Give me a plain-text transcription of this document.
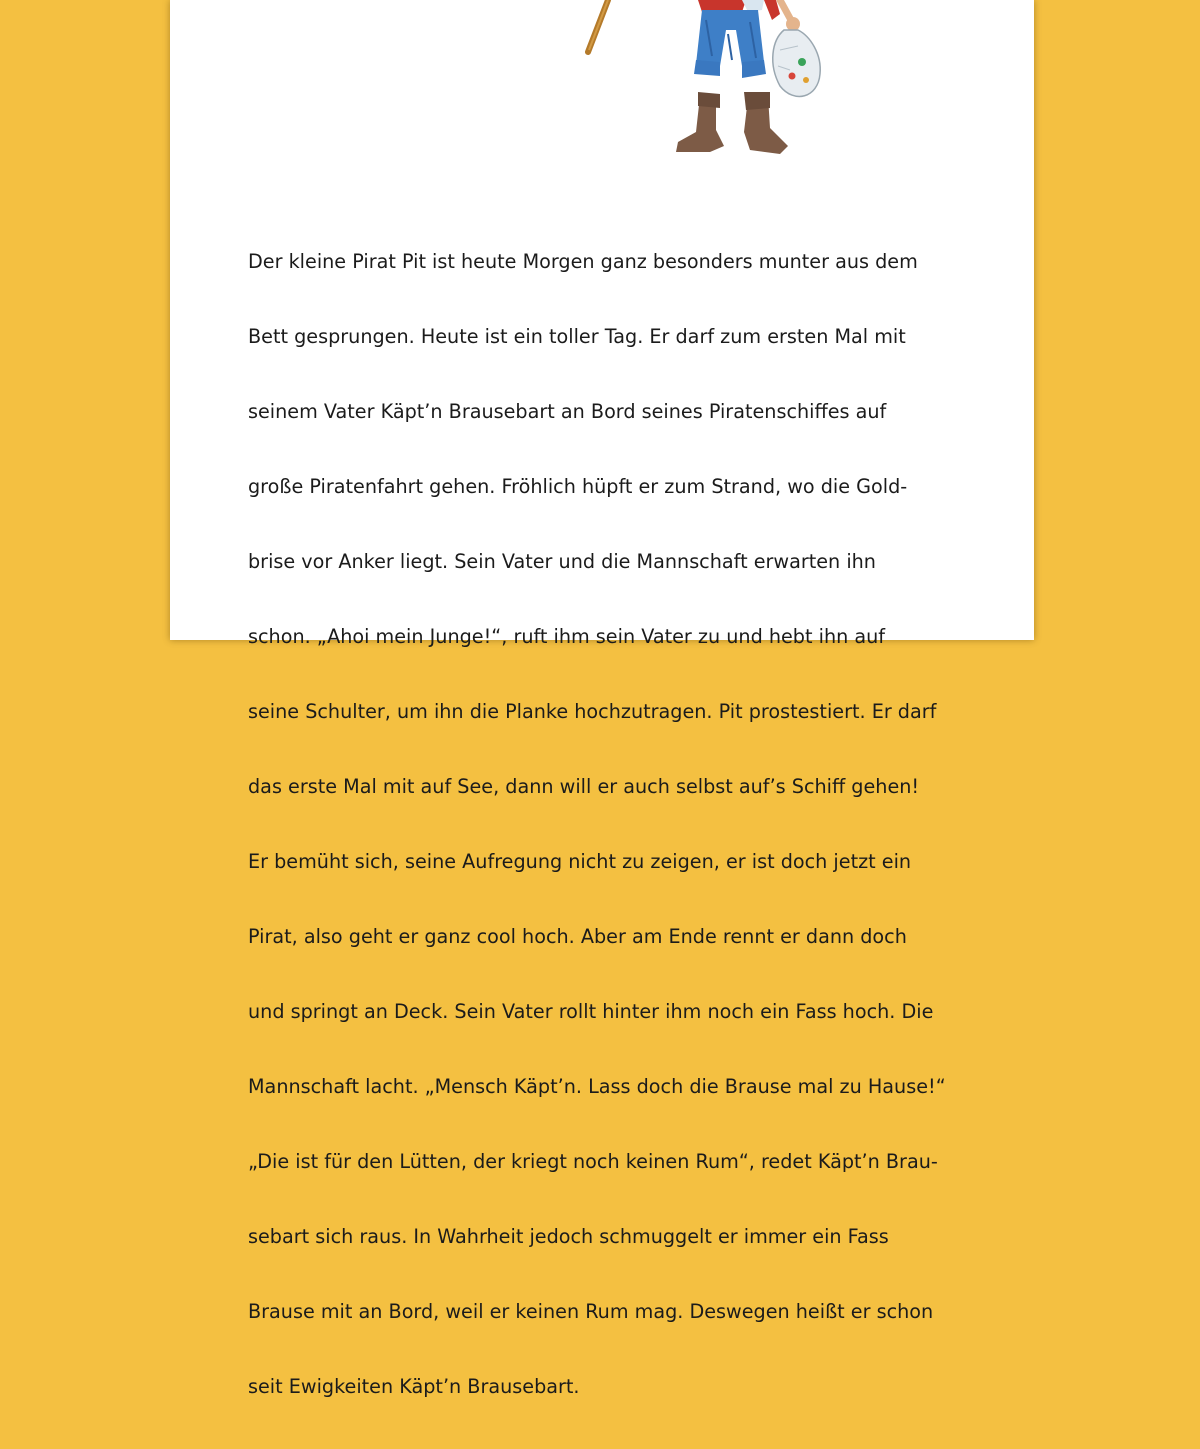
Der kleine Pirat Pit ist heute Morgen ganz besonders munter aus dem

Bett gesprungen. Heute ist ein toller Tag. Er darf zum ersten Mal mit

seinem Vater Käpt’n Brausebart an Bord seines Piratenschiffes auf

große Piratenfahrt gehen. Fröhlich hüpft er zum Strand, wo die Gold-

brise vor Anker liegt. Sein Vater und die Mannschaft erwarten ihn

schon. „Ahoi mein Junge!“, ruft ihm sein Vater zu und hebt ihn auf

seine Schulter, um ihn die Planke hochzutragen. Pit prostestiert. Er darf

das erste Mal mit auf See, dann will er auch selbst auf’s Schiff gehen!

Er bemüht sich, seine Aufregung nicht zu zeigen, er ist doch jetzt ein

Pirat, also geht er ganz cool hoch. Aber am Ende rennt er dann doch

und springt an Deck. Sein Vater rollt hinter ihm noch ein Fass hoch. Die

Mannschaft lacht. „Mensch Käpt’n. Lass doch die Brause mal zu Hause!“

„Die ist für den Lütten, der kriegt noch keinen Rum“, redet Käpt’n Brau-

sebart sich raus. In Wahrheit jedoch schmuggelt er immer ein Fass

Brause mit an Bord, weil er keinen Rum mag. Deswegen heißt er schon

seit Ewigkeiten Käpt’n Brausebart.
